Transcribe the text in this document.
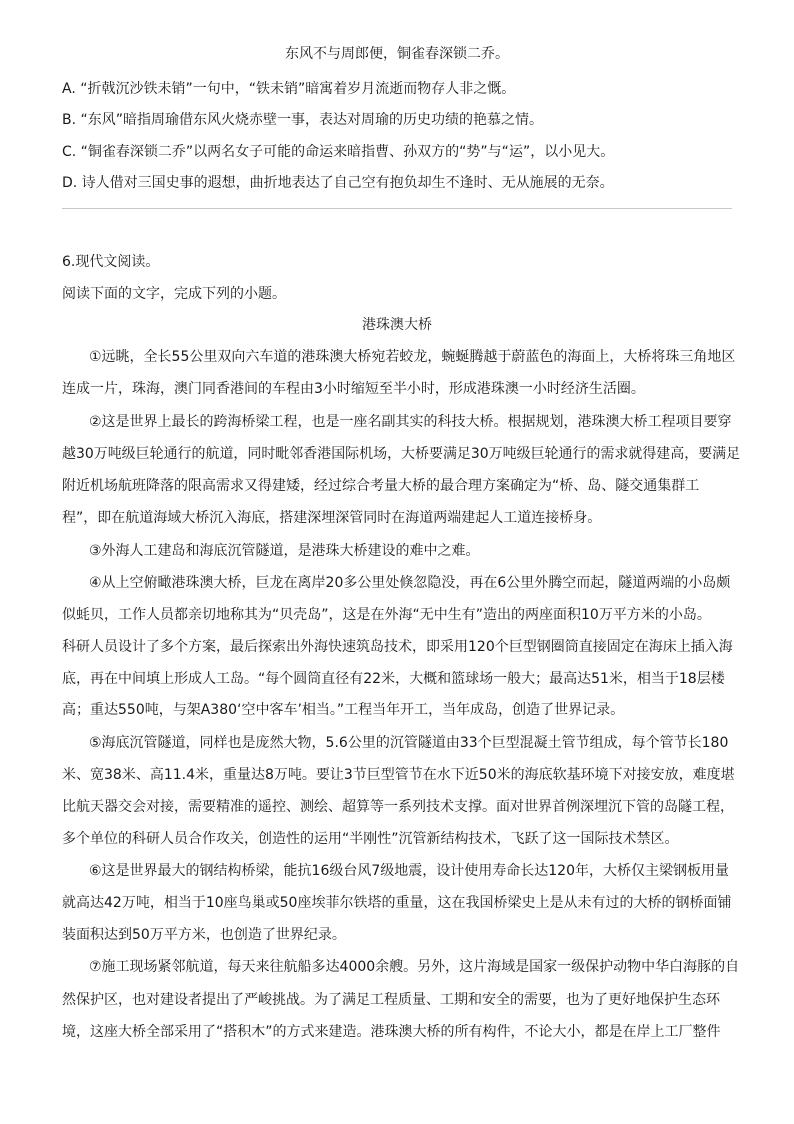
东风不与周郎便，铜雀春深锁二乔。

A. “折戟沉沙铁未销”一句中，“铁未销”暗寓着岁月流逝而物存人非之慨。

B. “东风”暗指周瑜借东风火烧赤壁一事，表达对周瑜的历史功绩的艳慕之情。

C. “铜雀春深锁二乔”以两名女子可能的命运来暗指曹、孙双方的“势”与“运”，以小见大。

D. 诗人借对三国史事的遐想，曲折地表达了自己空有抱负却生不逢时、无从施展的无奈。

6.现代文阅读。

阅读下面的文字，完成下列的小题。

港珠澳大桥

①远眺，全长55公里双向六车道的港珠澳大桥宛若蛟龙，蜿蜒腾越于蔚蓝色的海面上，大桥将珠三角地区

连成一片，珠海，澳门同香港间的车程由3小时缩短至半小时，形成港珠澳一小时经济生活圈。

②这是世界上最长的跨海桥梁工程，也是一座名副其实的科技大桥。根据规划，港珠澳大桥工程项目要穿

越30万吨级巨轮通行的航道，同时毗邻香港国际机场，大桥要满足30万吨级巨轮通行的需求就得建高，要满足

附近机场航班降落的限高需求又得建矮，经过综合考量大桥的最合理方案确定为“桥、岛、隧交通集群工

程”，即在航道海域大桥沉入海底，搭建深埋深管同时在海道两端建起人工道连接桥身。

③外海人工建岛和海底沉管隧道，是港珠大桥建设的难中之难。

④从上空俯瞰港珠澳大桥，巨龙在离岸20多公里处倏忽隐没，再在6公里外腾空而起，隧道两端的小岛颇

似蚝贝，工作人员都亲切地称其为“贝壳岛”，这是在外海“无中生有”造出的两座面积10万平方米的小岛。

科研人员设计了多个方案，最后探索出外海快速筑岛技术，即采用120个巨型钢圈筒直接固定在海床上插入海

底，再在中间填上形成人工岛。“每个圆筒直径有22米，大概和篮球场一般大；最高达51米，相当于18层楼

高；重达550吨，与架A380‘空中客车’相当。”工程当年开工，当年成岛，创造了世界记录。

⑤海底沉管隧道，同样也是庞然大物，5.6公里的沉管隧道由33个巨型混凝土管节组成，每个管节长180

米、宽38米、高11.4米，重量达8万吨。要让3节巨型管节在水下近50米的海底软基环境下对接安放，难度堪

比航天器交会对接，需要精准的遥控、测绘、超算等一系列技术支撑。面对世界首例深埋沉下管的岛隧工程，

多个单位的科研人员合作攻关，创造性的运用“半刚性”沉管新结构技术，飞跃了这一国际技术禁区。

⑥这是世界最大的钢结构桥梁，能抗16级台风7级地震，设计使用寿命长达120年，大桥仅主梁钢板用量

就高达42万吨，相当于10座鸟巢或50座埃菲尔铁塔的重量，这在我国桥梁史上是从未有过的大桥的钢桥面铺

装面积达到50万平方米，也创造了世界纪录。

⑦施工现场紧邻航道，每天来往航船多达4000余艘。另外，这片海域是国家一级保护动物中华白海豚的自

然保护区，也对建设者提出了严峻挑战。为了满足工程质量、工期和安全的需要，也为了更好地保护生态环

境，这座大桥全部采用了“搭积木”的方式来建造。港珠澳大桥的所有构件，不论大小，都是在岸上工厂整件
